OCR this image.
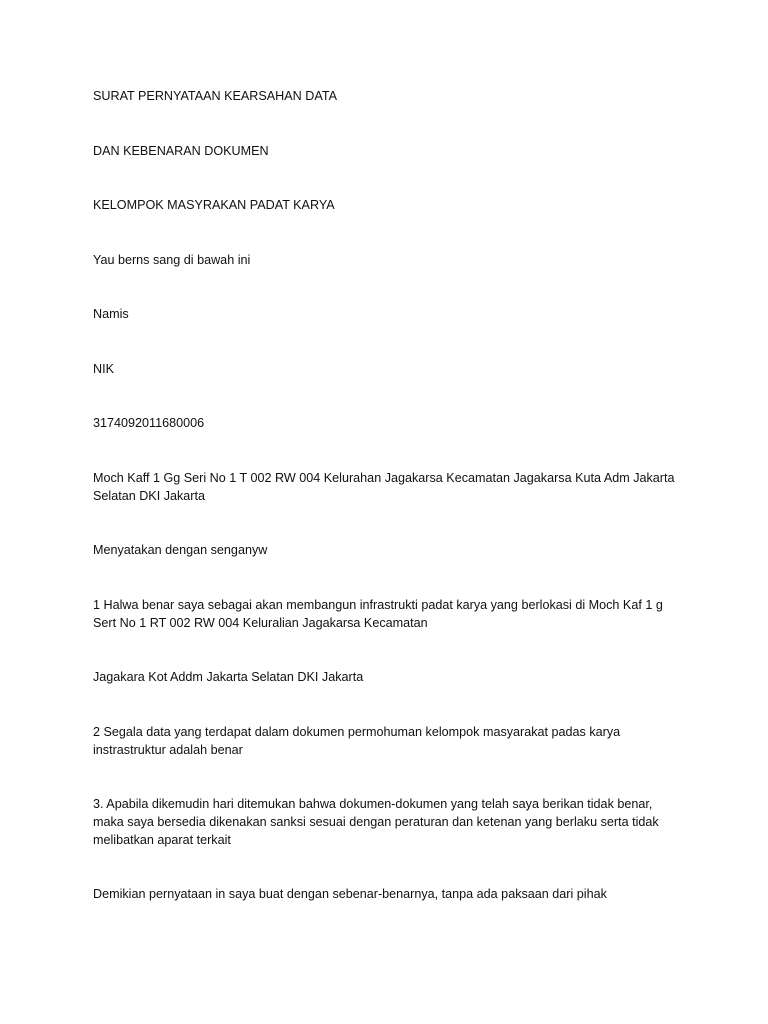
SURAT PERNYATAAN KEARSAHAN DATA

DAN KEBENARAN DOKUMEN

KELOMPOK MASYRAKAN PADAT KARYA

Yau berns sang di bawah ini

Namis

NIK

3174092011680006

Moch Kaff 1 Gg Seri No 1 T 002 RW 004 Kelurahan Jagakarsa Kecamatan Jagakarsa Kuta Adm Jakarta Selatan DKI Jakarta

Menyatakan dengan senganyw

1 Halwa benar saya sebagai akan membangun infrastrukti padat karya yang berlokasi di Moch Kaf 1 g Sert No 1 RT 002 RW 004 Keluralian Jagakarsa Kecamatan

Jagakara Kot Addm Jakarta Selatan DKI Jakarta

2 Segala data yang terdapat dalam dokumen permohuman kelompok masyarakat padas karya instrastruktur adalah benar

3. Apabila dikemudin hari ditemukan bahwa dokumen-dokumen yang telah saya berikan tidak benar, maka saya bersedia dikenakan sanksi sesuai dengan peraturan dan ketenan yang berlaku serta tidak melibatkan aparat terkait

Demikian pernyataan in saya buat dengan sebenar-benarnya, tanpa ada paksaan dari pihak
